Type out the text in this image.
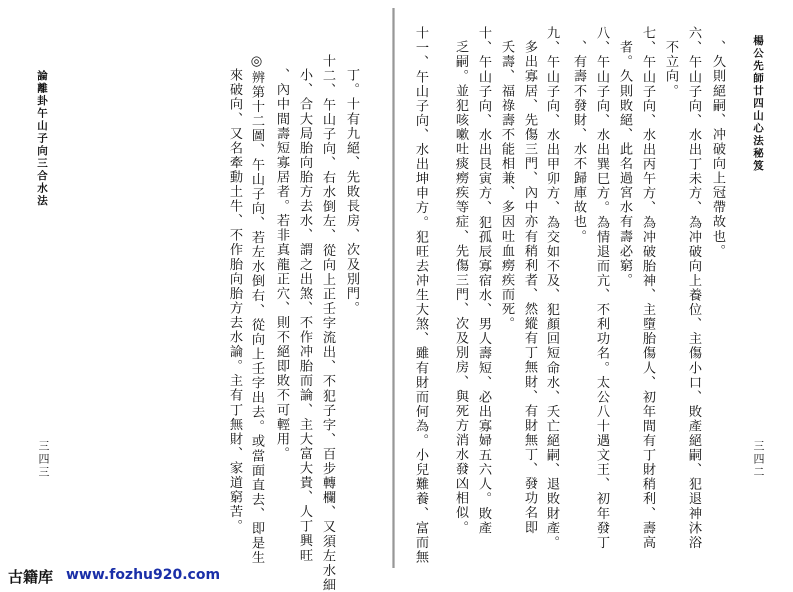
楊公先師廿四山心法秘笈
三四二
、久則絕嗣、冲破向上冠帶故也。
六、午山子向、水出丁未方、為冲破向上養位、主傷小口、敗產絕嗣、犯退神沐浴
不立向。
七、午山子向、水出丙午方、為冲破胎神、主墮胎傷人、初年間有丁財稍利、壽高
者。久則敗絕、此名過宮水有壽必窮。
八、午山子向、水出巽巳方。為情退而亢、不利功名。太公八十遇文王、初年發丁
、有壽不發財、水不歸庫故也。
九、午山子向、水出甲卯方、為交如不及、犯顏回短命水、夭亡絕嗣、退敗財產。
多出寡居、先傷三門、內中亦有稍利者、然縱有丁無財、有財無丁、發功名即
夭壽、福祿壽不能相兼、多因吐血癆疾而死。
十、午山子向、水出艮寅方、犯孤辰寡宿水、男人壽短、必出寡婦五六人。敗產
乏嗣。並犯咳嗽吐痰癆疾等症、先傷三門、次及別房、與死方消水發凶相似。
十一、午山子向、水出坤申方。犯旺去冲生大煞、雖有財而何為。小兒難養、富而無
論離卦午山子向三合水法
三四三
丁。十有九絕、先敗長房、次及別門。
十二、午山子向、右水倒左、從向上正壬字流出、不犯子字、百步轉欄、又須左水細
小、合大局胎向胎方去水、謂之出煞、不作冲胎而論、主大富大貴、人丁興旺
、內中間壽短寡居者。若非真龍正穴、則不絕即敗不可輕用。
◎辨第十二圖、午山子向、若左水倒右、從向上壬字出去。或當面直去、即是生
來破向、又名牽動土牛、不作胎向胎方去水論。主有丁無財、家道窮苦。
古籍库 www.fozhu920.com
